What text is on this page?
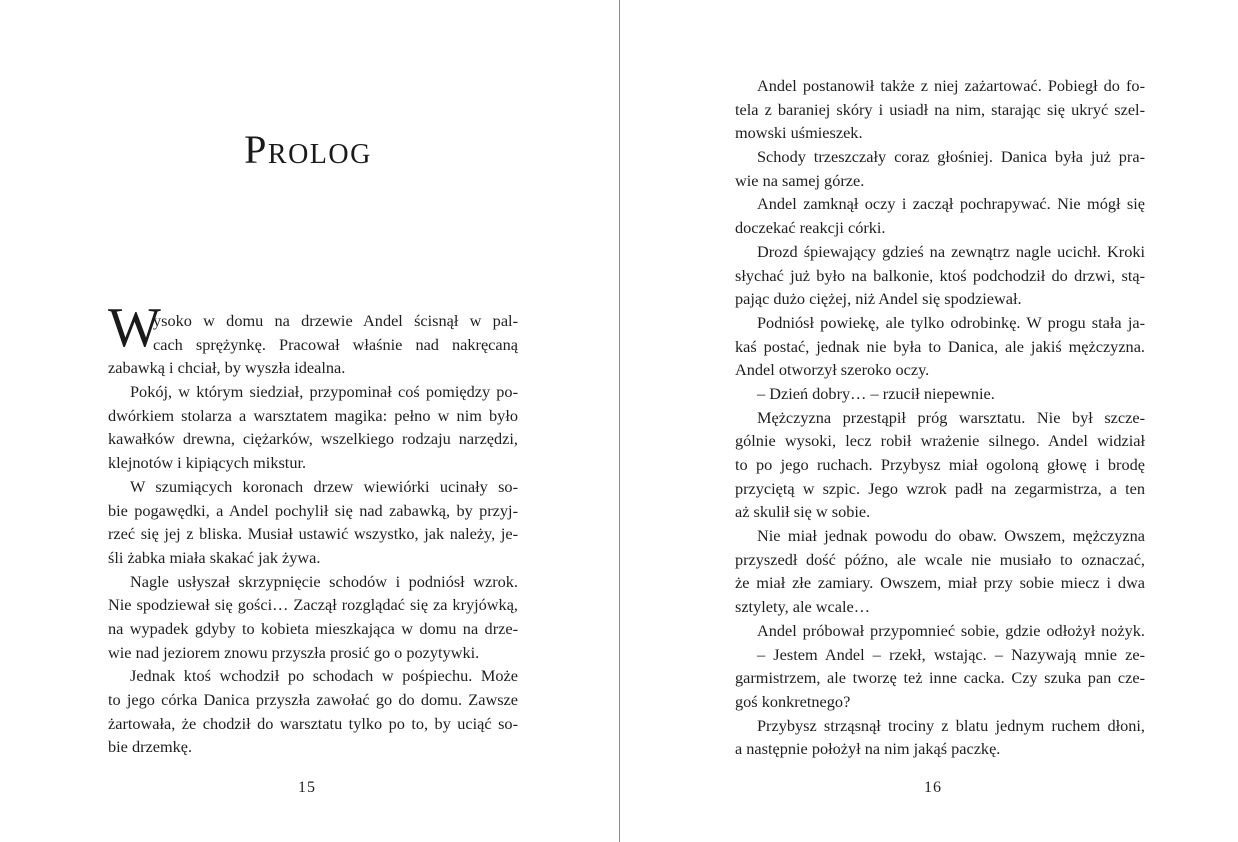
Prolog
W
ysoko w domu na drzewie Andel ścisnął w pal-
cach sprężynkę. Pracował właśnie nad nakręcaną
zabawką i chciał, by wyszła idealna.
Pokój, w którym siedział, przypominał coś pomiędzy po-
dwórkiem stolarza a warsztatem magika: pełno w nim było
kawałków drewna, ciężarków, wszelkiego rodzaju narzędzi,
klejnotów i kipiących mikstur.
W szumiących koronach drzew wiewiórki ucinały so-
bie pogawędki, a Andel pochylił się nad zabawką, by przyj-
rzeć się jej z bliska. Musiał ustawić wszystko, jak należy, je-
śli żabka miała skakać jak żywa.
Nagle usłyszał skrzypnięcie schodów i podniósł wzrok.
Nie spodziewał się gości… Zaczął rozglądać się za kryjówką,
na wypadek gdyby to kobieta mieszkająca w domu na drze-
wie nad jeziorem znowu przyszła prosić go o pozytywki.
Jednak ktoś wchodził po schodach w pośpiechu. Może
to jego córka Danica przyszła zawołać go do domu. Zawsze
żartowała, że chodził do warsztatu tylko po to, by uciąć so-
bie drzemkę.
15
Andel postanowił także z niej zażartować. Pobiegł do fo-
tela z baraniej skóry i usiadł na nim, starając się ukryć szel-
mowski uśmieszek.
Schody trzeszczały coraz głośniej. Danica była już pra-
wie na samej górze.
Andel zamknął oczy i zaczął pochrapywać. Nie mógł się
doczekać reakcji córki.
Drozd śpiewający gdzieś na zewnątrz nagle ucichł. Kroki
słychać już było na balkonie, ktoś podchodził do drzwi, stą-
pając dużo ciężej, niż Andel się spodziewał.
Podniósł powiekę, ale tylko odrobinkę. W progu stała ja-
kaś postać, jednak nie była to Danica, ale jakiś mężczyzna.
Andel otworzył szeroko oczy.
– Dzień dobry… – rzucił niepewnie.
Mężczyzna przestąpił próg warsztatu. Nie był szcze-
gólnie wysoki, lecz robił wrażenie silnego. Andel widział
to po jego ruchach. Przybysz miał ogoloną głowę i brodę
przyciętą w szpic. Jego wzrok padł na zegarmistrza, a ten
aż skulił się w sobie.
Nie miał jednak powodu do obaw. Owszem, mężczyzna
przyszedł dość późno, ale wcale nie musiało to oznaczać,
że miał złe zamiary. Owszem, miał przy sobie miecz i dwa
sztylety, ale wcale…
Andel próbował przypomnieć sobie, gdzie odłożył nożyk.
– Jestem Andel – rzekł, wstając. – Nazywają mnie ze-
garmistrzem, ale tworzę też inne cacka. Czy szuka pan cze-
goś konkretnego?
Przybysz strząsnął trociny z blatu jednym ruchem dłoni,
a następnie położył na nim jakąś paczkę.
16
